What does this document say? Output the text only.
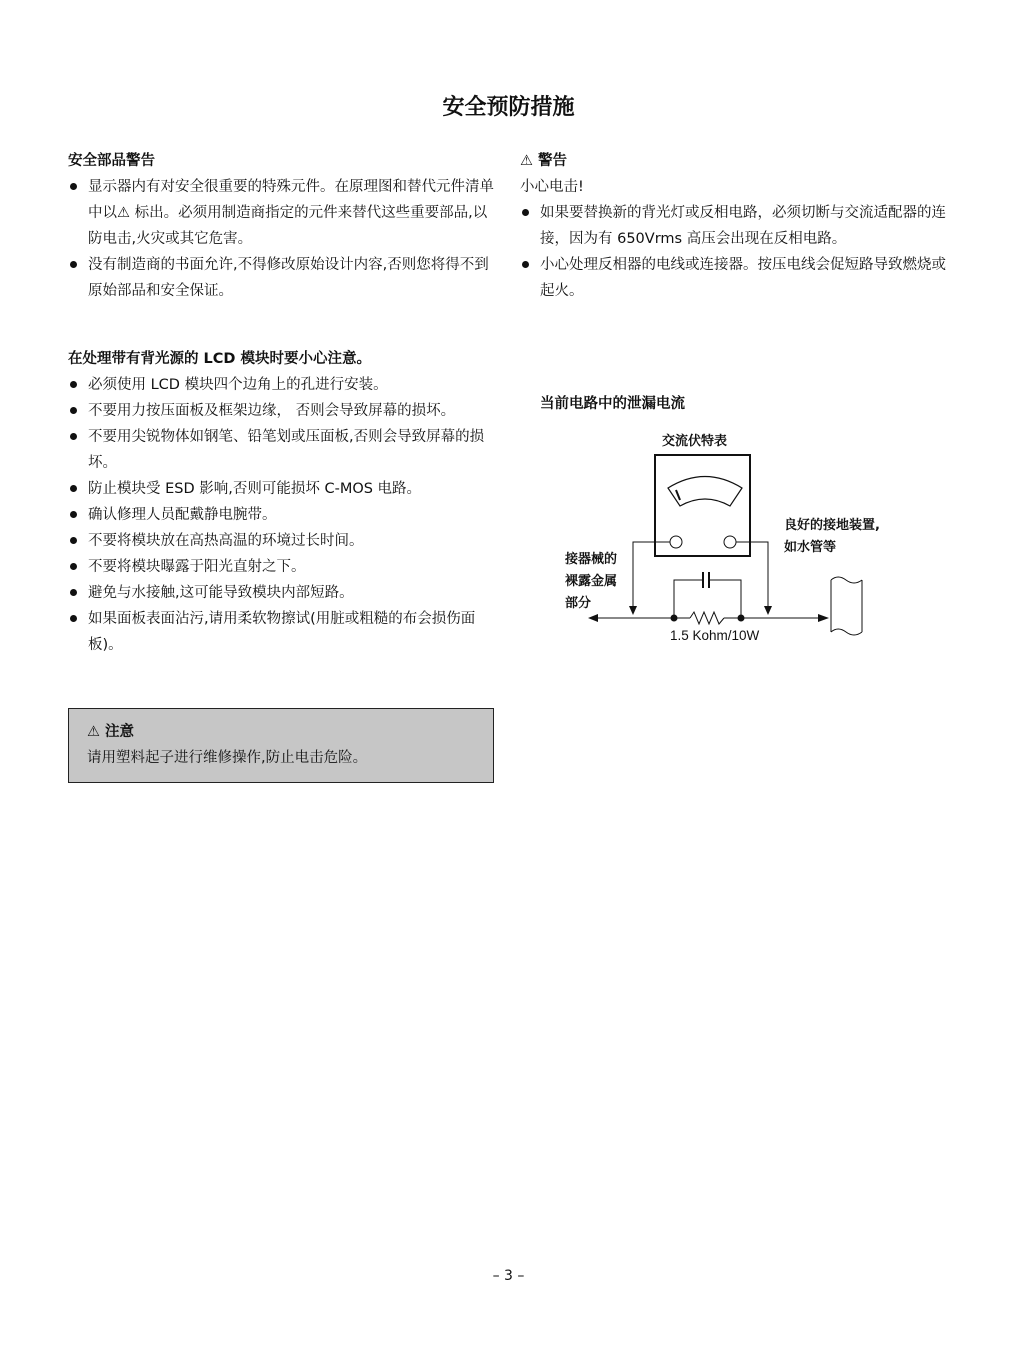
安全预防措施
安全部品警告
显示器内有对安全很重要的特殊元件。在原理图和替代元件清单中以⚠ 标出。必须用制造商指定的元件来替代这些重要部品,以防电击,火灾或其它危害。
没有制造商的书面允许,不得修改原始设计内容,否则您将得不到原始部品和安全保证。
在处理带有背光源的 LCD 模块时要小心注意。
必须使用 LCD 模块四个边角上的孔进行安装。
不要用力按压面板及框架边缘， 否则会导致屏幕的损坏。
不要用尖锐物体如钢笔、铅笔划或压面板,否则会导致屏幕的损坏。
防止模块受 ESD 影响,否则可能损坏 C-MOS 电路。
确认修理人员配戴静电腕带。
不要将模块放在高热高温的环境过长时间。
不要将模块曝露于阳光直射之下。
避免与水接触,这可能导致模块内部短路。
如果面板表面沾污,请用柔软物擦试(用脏或粗糙的布会损伤面板)。
⚠ 注意
请用塑料起子进行维修操作,防止电击危险。
⚠ 警告
小心电击!
如果要替换新的背光灯或反相电路，必须切断与交流适配器的连接，因为有 650Vrms 高压会出现在反相电路。
小心处理反相器的电线或连接器。按压电线会促短路导致燃烧或起火。
当前电路中的泄漏电流
交流伏特表
接器械的
裸露金属
部分
良好的接地装置,
如水管等
1.5 Kohm/10W
– 3 –
